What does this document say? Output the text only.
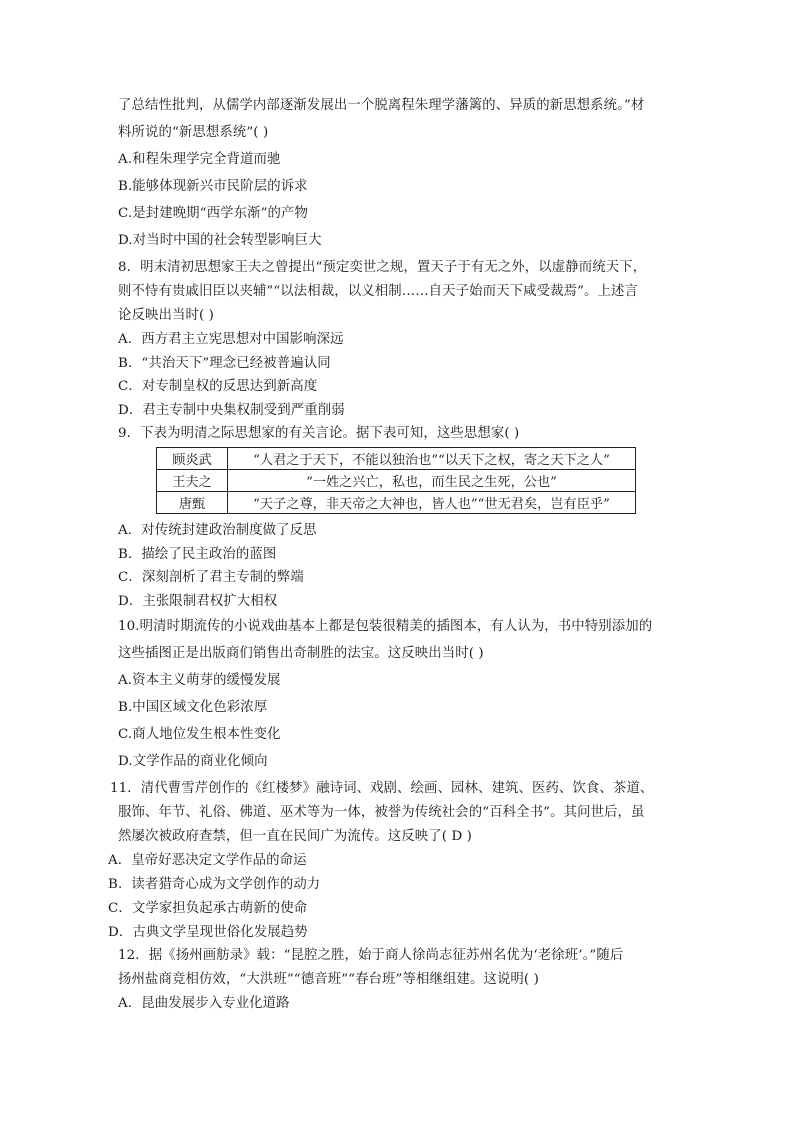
了总结性批判，从儒学内部逐渐发展出一个脱离程朱理学藩篱的、异质的新思想系统。”材
料所说的“新思想系统”( )
A.和程朱理学完全背道而驰
B.能够体现新兴市民阶层的诉求
C.是封建晚期“西学东渐”的产物
D.对当时中国的社会转型影响巨大
8．明末清初思想家王夫之曾提出“预定奕世之规，置天子于有无之外，以虚静而统天下，
则不恃有贵戚旧臣以夹辅”“以法相裁，以义相制……自天子始而天下咸受裁焉”。上述言
论反映出当时( )
A．西方君主立宪思想对中国影响深远
B．“共治天下”理念已经被普遍认同
C．对专制皇权的反思达到新高度
D．君主专制中央集权制受到严重削弱
9．下表为明清之际思想家的有关言论。据下表可知，这些思想家( )
顾炎武	“人君之于天下，不能以独治也”“以天下之权，寄之天下之人”
王夫之	“一姓之兴亡，私也，而生民之生死，公也”
唐甄	“天子之尊，非天帝之大神也，皆人也”“世无君矣，岂有臣乎”
A．对传统封建政治制度做了反思
B．描绘了民主政治的蓝图
C．深刻剖析了君主专制的弊端
D．主张限制君权扩大相权
10.明清时期流传的小说戏曲基本上都是包装很精美的插图本，有人认为，书中特别添加的
这些插图正是出版商们销售出奇制胜的法宝。这反映出当时( )
A.资本主义萌芽的缓慢发展
B.中国区域文化色彩浓厚
C.商人地位发生根本性变化
D.文学作品的商业化倾向
11．清代曹雪芹创作的《红楼梦》融诗词、戏剧、绘画、园林、建筑、医药、饮食、茶道、
服饰、年节、礼俗、佛道、巫术等为一体，被誉为传统社会的“百科全书”。其问世后，虽
然屡次被政府查禁，但一直在民间广为流传。这反映了( D )
A．皇帝好恶决定文学作品的命运
B．读者猎奇心成为文学创作的动力
C．文学家担负起承古萌新的使命
D．古典文学呈现世俗化发展趋势
12．据《扬州画舫录》载：“昆腔之胜，始于商人徐尚志征苏州名优为‘老徐班’。”随后
扬州盐商竞相仿效，“大洪班”“德音班”“春台班”等相继组建。这说明( )
A．昆曲发展步入专业化道路
